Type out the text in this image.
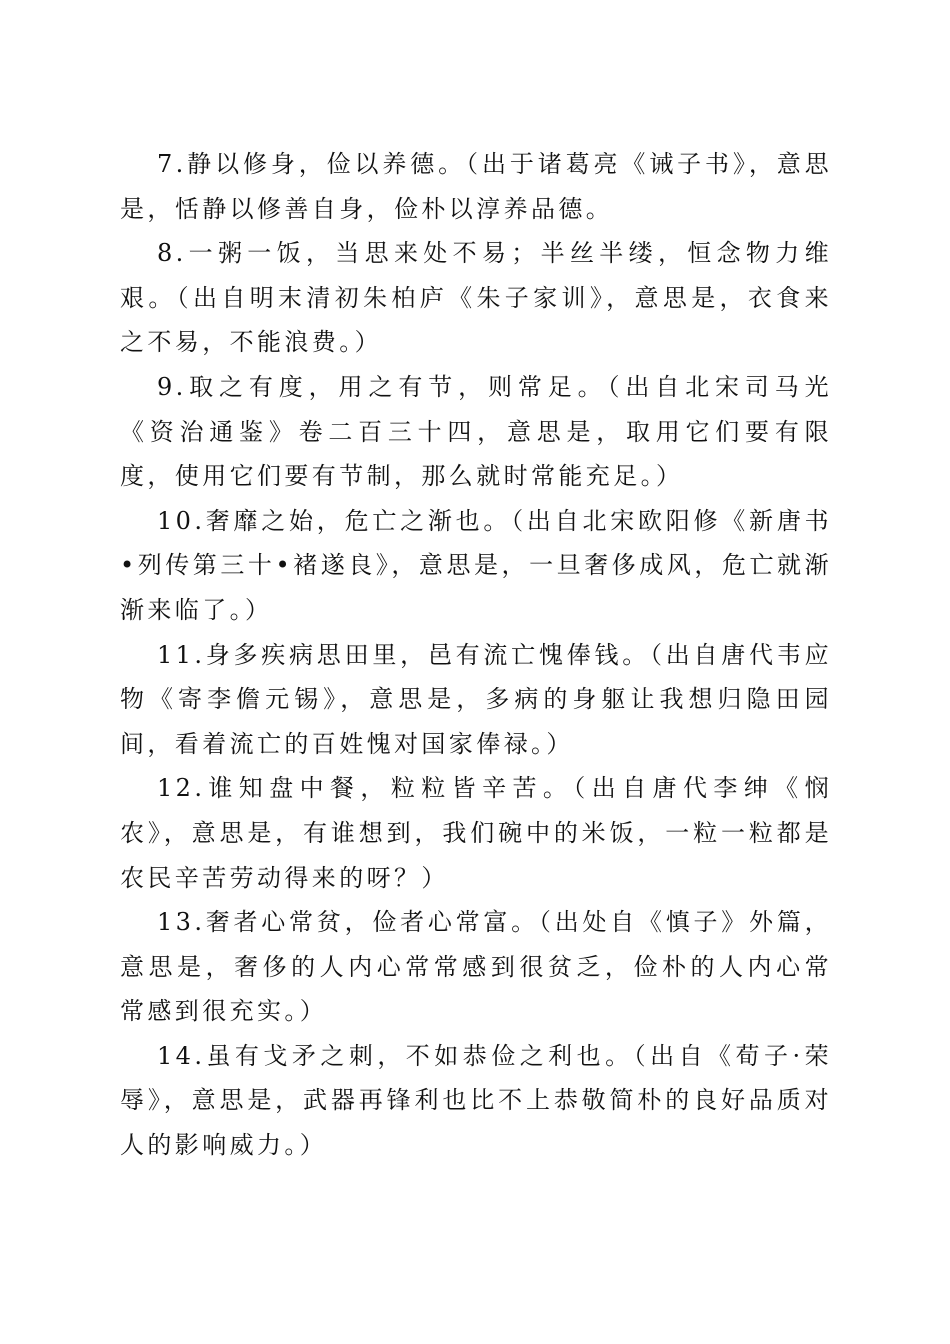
7.静以修身，俭以养德。（出于诸葛亮《诫子书》，意思是，恬静以修善自身，俭朴以淳养品德。

8.一粥一饭，当思来处不易；半丝半缕，恒念物力维艰。（出自明末清初朱柏庐《朱子家训》，意思是，衣食来之不易，不能浪费。）

9.取之有度，用之有节，则常足。（出自北宋司马光《资治通鉴》卷二百三十四，意思是，取用它们要有限度，使用它们要有节制，那么就时常能充足。）

10.奢靡之始，危亡之渐也。（出自北宋欧阳修《新唐书•列传第三十•褚遂良》，意思是，一旦奢侈成风，危亡就渐渐来临了。）

11.身多疾病思田里，邑有流亡愧俸钱。（出自唐代韦应物《寄李儋元锡》，意思是，多病的身躯让我想归隐田园间，看着流亡的百姓愧对国家俸禄。）

12.谁知盘中餐，粒粒皆辛苦。（出自唐代李绅《悯农》，意思是，有谁想到，我们碗中的米饭，一粒一粒都是农民辛苦劳动得来的呀？）

13.奢者心常贫，俭者心常富。（出处自《慎子》外篇，意思是，奢侈的人内心常常感到很贫乏，俭朴的人内心常常感到很充实。）

14.虽有戈矛之刺，不如恭俭之利也。（出自《荀子·荣辱》，意思是，武器再锋利也比不上恭敬简朴的良好品质对人的影响威力。）
